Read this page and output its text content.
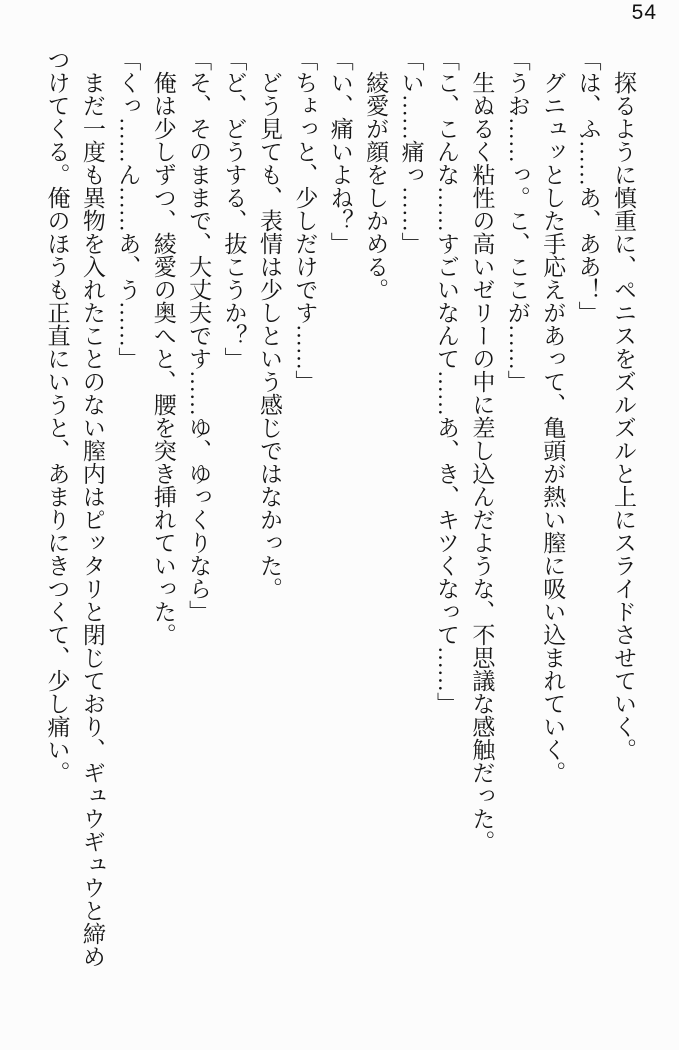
54

探るように慎重に、ペニスをズルズルと上にスライドさせていく。

「は、ふ……あ、ああ！」

グニュッとした手応えがあって、亀頭が熱い膣に吸い込まれていく。

「うお……っ。こ、ここが……」

生ぬるく粘性の高いゼリーの中に差し込んだような、不思議な感触だった。

「こ、こんな……すごいなんて……あ、き、キツくなって……」

「い……痛っ……」

綾愛が顔をしかめる。

「い、痛いよね？」

「ちょっと、少しだけです……」

どう見ても、表情は少しという感じではなかった。

「ど、どうする、抜こうか？」

「そ、そのままで、大丈夫です……ゆ、ゆっくりなら」

俺は少しずつ、綾愛の奥へと、腰を突き挿れていった。

「くっ……ん……あ、う……」

まだ一度も異物を入れたことのない膣内はピッタリと閉じており、ギュウギュウと締め

つけてくる。俺のほうも正直にいうと、あまりにきつくて、少し痛い。
